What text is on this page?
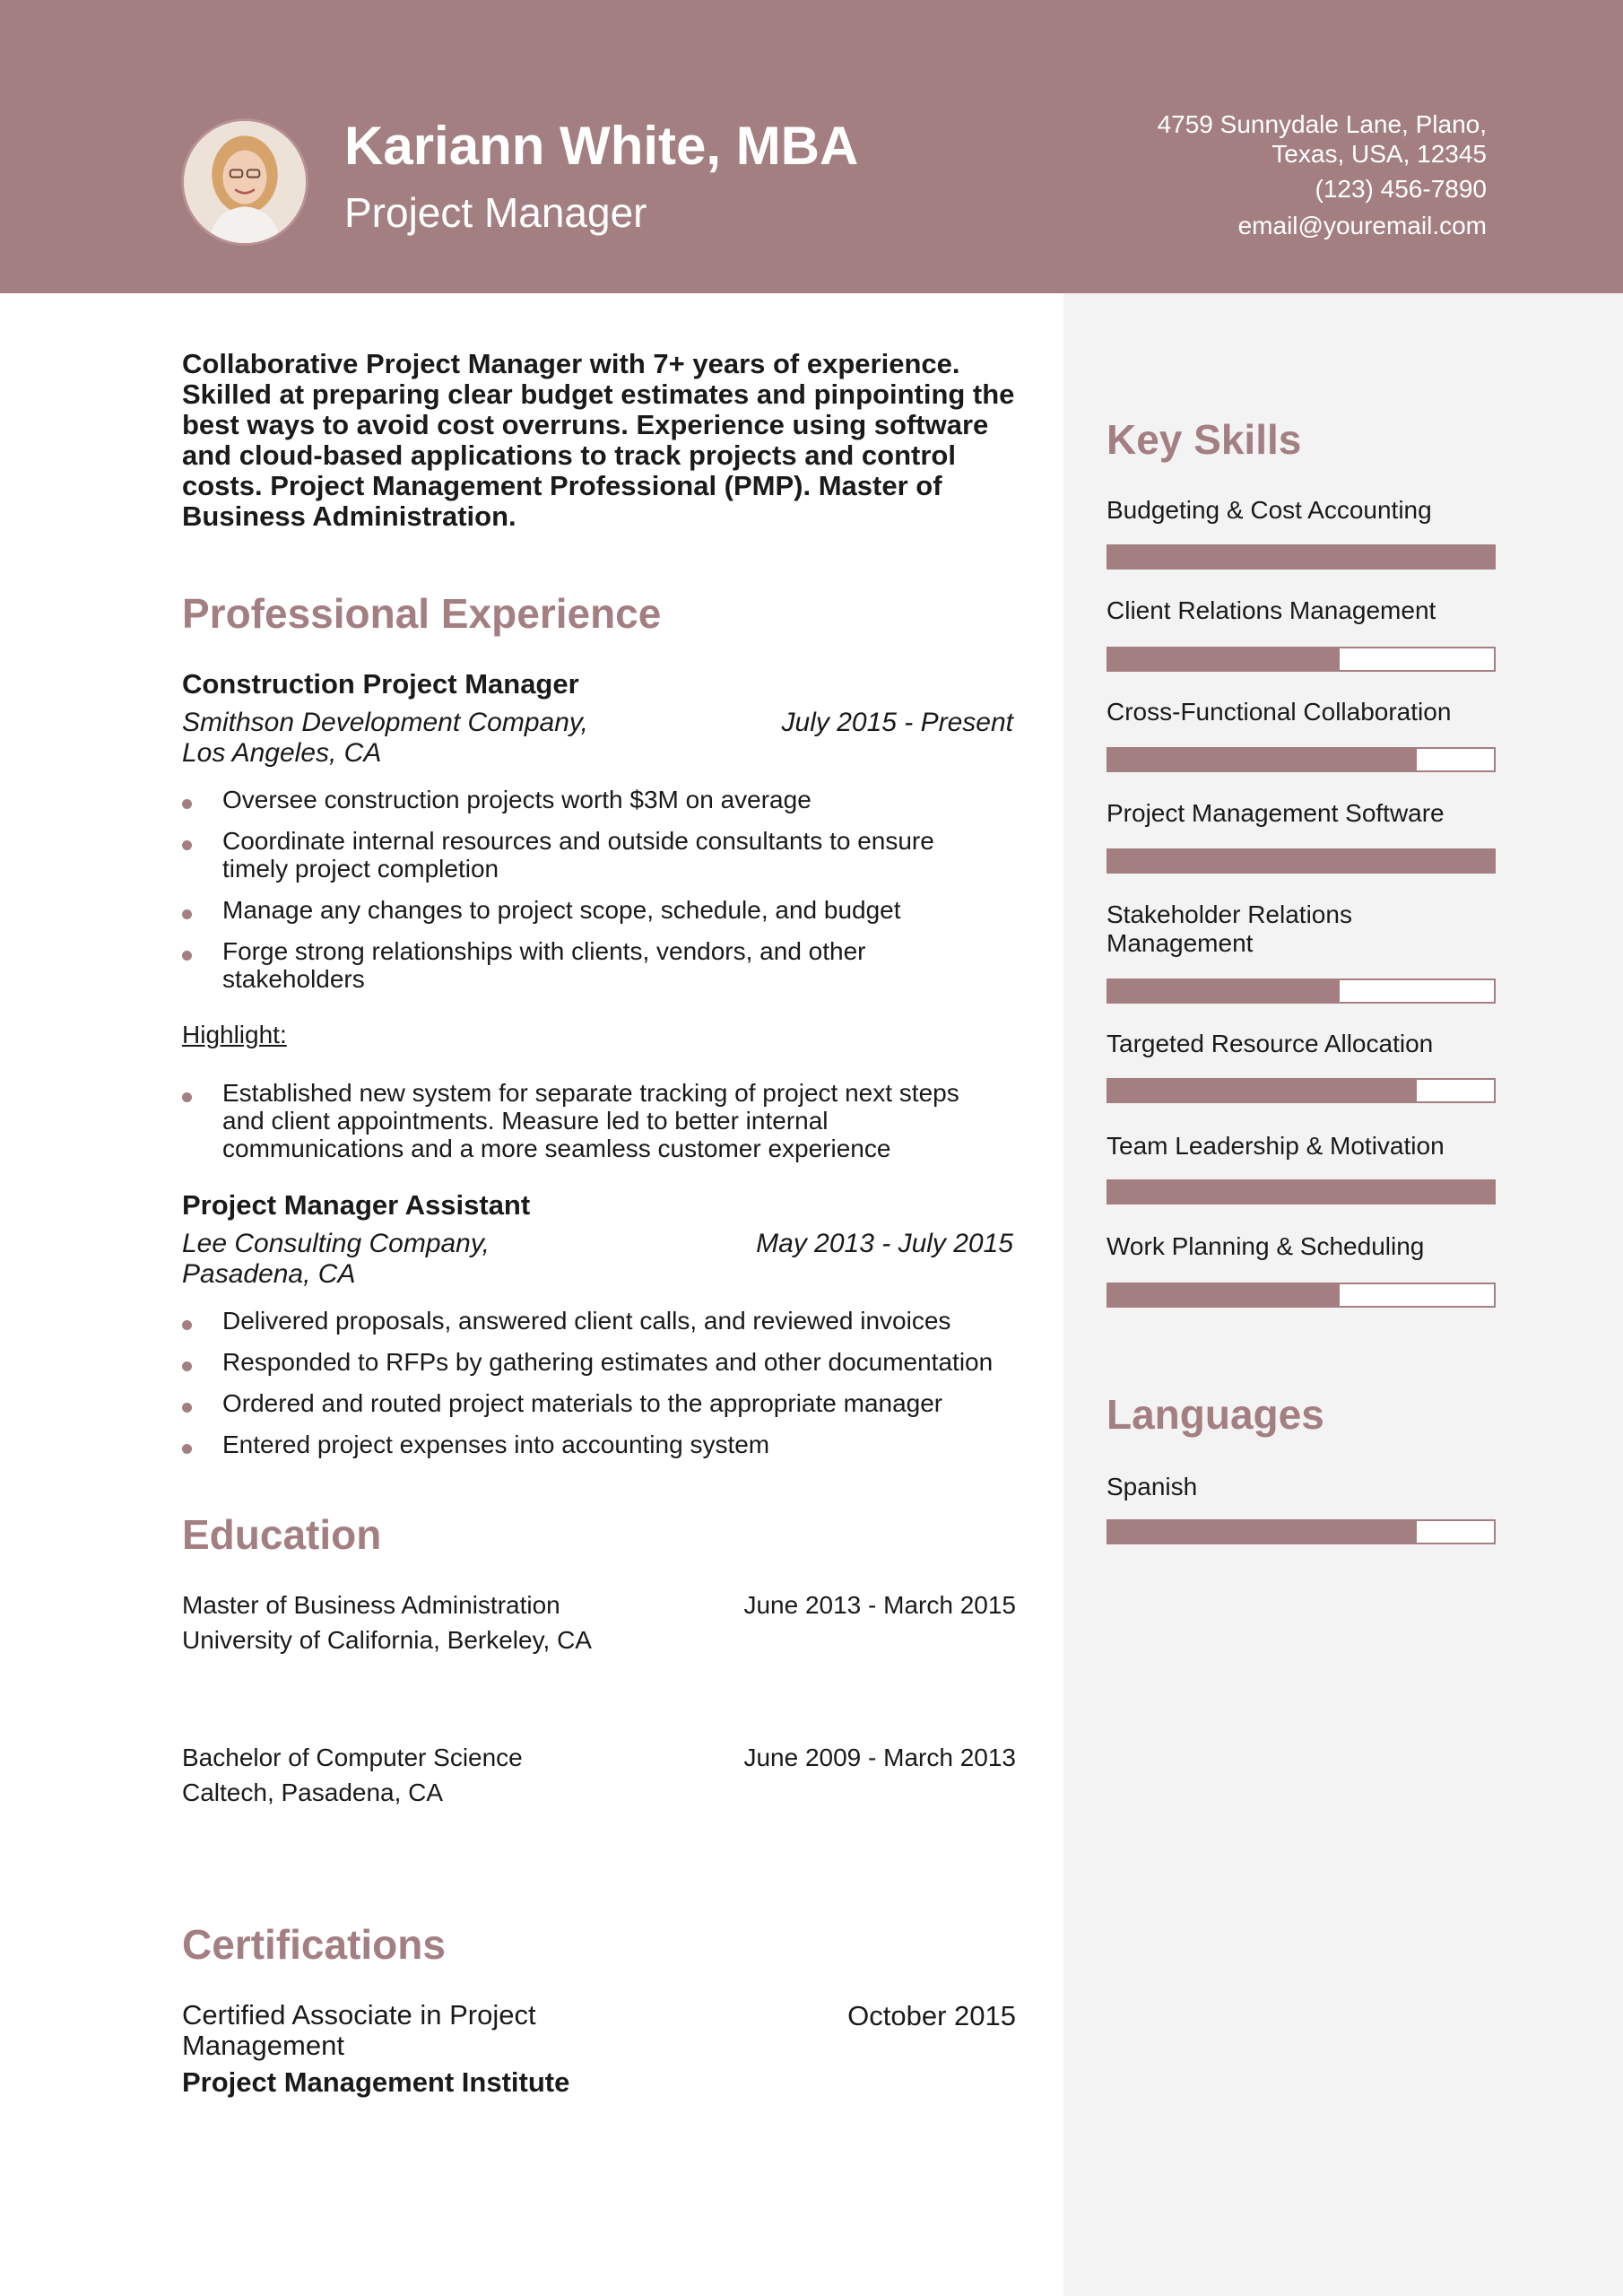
Kariann White, MBA
Project Manager
4759 Sunnydale Lane, Plano,
Texas, USA, 12345
(123) 456-7890
email@youremail.com
Key Skills
Budgeting & Cost Accounting
Client Relations Management
Cross-Functional Collaboration
Project Management Software
Stakeholder Relations Management
Targeted Resource Allocation
Team Leadership & Motivation
Work Planning & Scheduling
Languages
Spanish
Collaborative Project Manager with 7+ years of experience. Skilled at preparing clear budget estimates and pinpointing the best ways to avoid cost overruns. Experience using software and cloud-based applications to track projects and control costs. Project Management Professional (PMP). Master of Business Administration.
Professional Experience
Construction Project Manager
Smithson Development Company, Los Angeles, CA
July 2015 - Present
Oversee construction projects worth $3M on average
Coordinate internal resources and outside consultants to ensure timely project completion
Manage any changes to project scope, schedule, and budget
Forge strong relationships with clients, vendors, and other stakeholders
Highlight:
Established new system for separate tracking of project next steps and client appointments. Measure led to better internal communications and a more seamless customer experience
Project Manager Assistant
Lee Consulting Company, Pasadena, CA
May 2013 - July 2015
Delivered proposals, answered client calls, and reviewed invoices
Responded to RFPs by gathering estimates and other documentation
Ordered and routed project materials to the appropriate manager
Entered project expenses into accounting system
Education
Master of Business Administration
University of California, Berkeley, CA
June 2013 - March 2015
Bachelor of Computer Science
Caltech, Pasadena, CA
June 2009 - March 2013
Certifications
Certified Associate in Project Management
Project Management Institute
October 2015
